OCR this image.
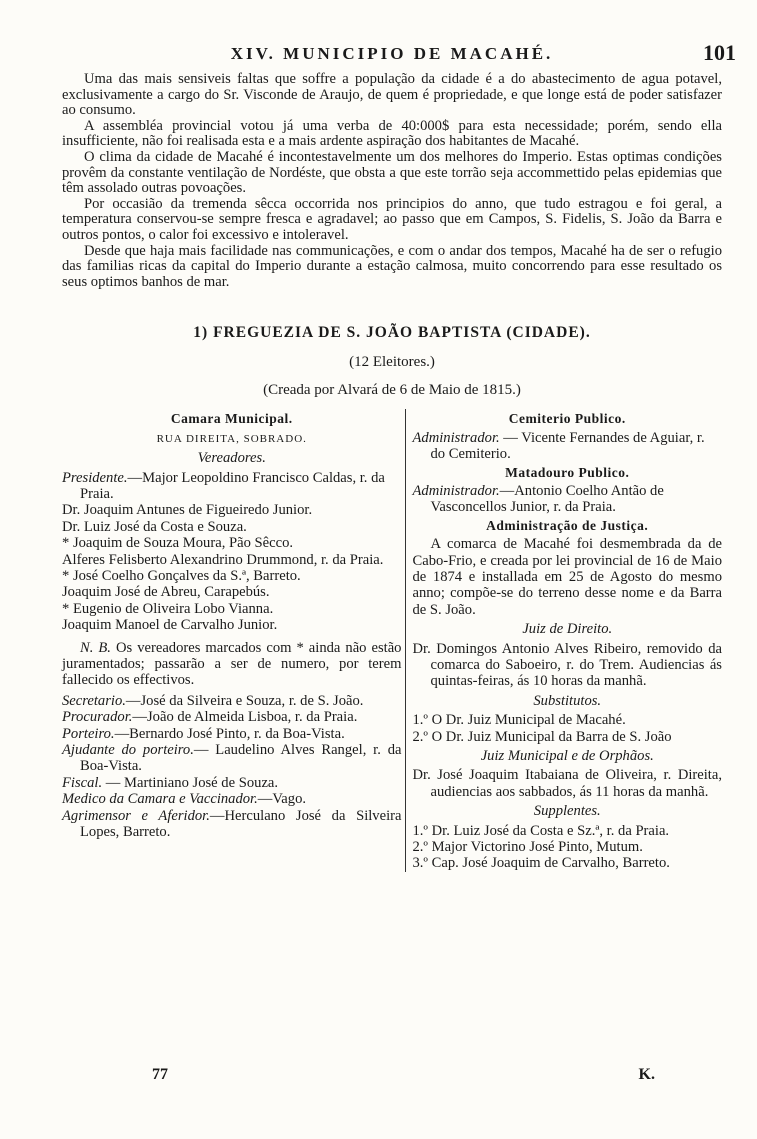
XIV. MUNICIPIO DE MACAHÉ.	101

Uma das mais sensiveis faltas que soffre a população da cidade é a do abastecimento de agua potavel, exclusivamente a cargo do Sr. Visconde de Araujo, de quem é propriedade, e que longe está de poder satisfazer ao consumo.

A assembléa provincial votou já uma verba de 40:000$ para esta necessidade; porém, sendo ella insufficiente, não foi realisada esta e a mais ardente aspiração dos habitantes de Macahé.

O clima da cidade de Macahé é incontestavelmente um dos melhores do Imperio. Estas optimas condições provêm da constante ventilação de Nordéste, que obsta a que este torrão seja accommettido pelas epidemias que têm assolado outras povoações.

Por occasião da tremenda sêcca occorrida nos principios do anno, que tudo estragou e foi geral, a temperatura conservou-se sempre fresca e agradavel; ao passo que em Campos, S. Fidelis, S. João da Barra e outros pontos, o calor foi excessivo e intoleravel.

Desde que haja mais facilidade nas communicações, e com o andar dos tempos, Macahé ha de ser o refugio das familias ricas da capital do Imperio durante a estação calmosa, muito concorrendo para esse resultado os seus optimos banhos de mar.

1) FREGUEZIA DE S. JOÃO BAPTISTA (CIDADE).
(12 Eleitores.)
(Creada por Alvará de 6 de Maio de 1815.)
Camara Municipal.
RUA DIREITA, SOBRADO.
Vereadores.

Presidente.—Major Leopoldino Francisco Caldas, r. da Praia.

Dr. Joaquim Antunes de Figueiredo Junior.

Dr. Luiz José da Costa e Souza.

* Joaquim de Souza Moura, Pão Sêcco.

Alferes Felisberto Alexandrino Drummond, r. da Praia.

* José Coelho Gonçalves da S.ª, Barreto.

Joaquim José de Abreu, Carapebús.

* Eugenio de Oliveira Lobo Vianna.

Joaquim Manoel de Carvalho Junior.

N. B. Os vereadores marcados com * ainda não estão juramentados; passarão a ser de numero, por terem fallecido os effectivos.

Secretario.—José da Silveira e Souza, r. de S. João.

Procurador.—João de Almeida Lisboa, r. da Praia.

Porteiro.—Bernardo José Pinto, r. da Boa-Vista.

Ajudante do porteiro.— Laudelino Alves Rangel, r. da Boa-Vista.

Fiscal. — Martiniano José de Souza.

Medico da Camara e Vaccinador.—Vago.

Agrimensor e Aferidor.—Herculano José da Silveira Lopes, Barreto.

Cemiterio Publico.

Administrador. — Vicente Fernandes de Aguiar, r. do Cemiterio.

Matadouro Publico.

Administrador.—Antonio Coelho Antão de Vasconcellos Junior, r. da Praia.

Administração de Justiça.

A comarca de Macahé foi desmembrada da de Cabo-Frio, e creada por lei provincial de 16 de Maio de 1874 e installada em 25 de Agosto do mesmo anno; compõe-se do terreno desse nome e da Barra de S. João.

Juiz de Direito.

Dr. Domingos Antonio Alves Ribeiro, removido da comarca do Saboeiro, r. do Trem. Audiencias ás quintas-feiras, ás 10 horas da manhã.

Substitutos.

1.º O Dr. Juiz Municipal de Macahé.

2.º O Dr. Juiz Municipal da Barra de S. João

Juiz Municipal e de Orphãos.

Dr. José Joaquim Itabaiana de Oliveira, r. Direita, audiencias aos sabbados, ás 11 horas da manhã.

Supplentes.

1.º Dr. Luiz José da Costa e Sz.ª, r. da Praia.

2.º Major Victorino José Pinto, Mutum.

3.º Cap. José Joaquim de Carvalho, Barreto.

77	K.
